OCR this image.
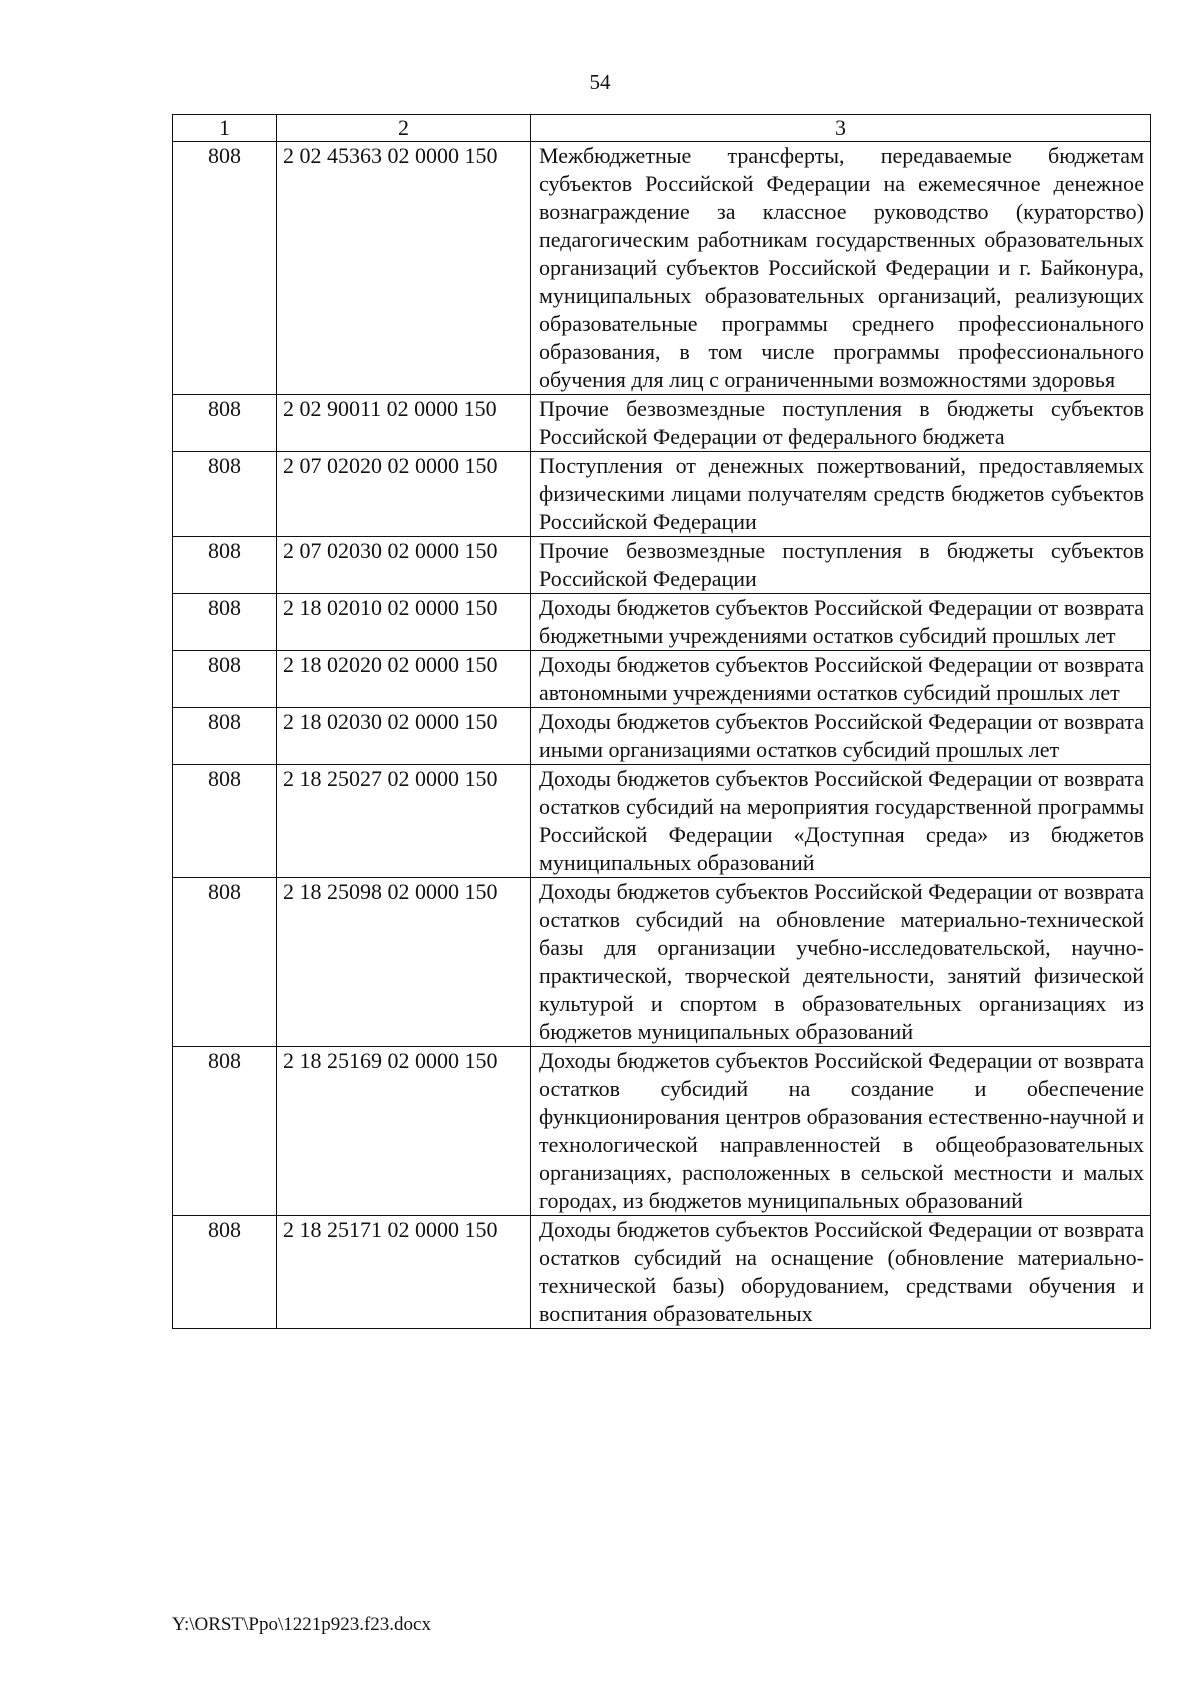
54
1	2	3
808	2 02 45363 02 0000 150	Межбюджетные трансферты, передаваемые бюджетам субъектов Российской Федерации на ежемесячное денежное вознаграждение за классное руководство (кураторство) педагогическим работникам государственных образовательных организаций субъектов Российской Федерации и г. Байконура, муниципальных образовательных организаций, реализующих образовательные программы среднего профессионального образования, в том числе программы профессионального обучения для лиц с ограниченными возможностями здоровья
808	2 02 90011 02 0000 150	Прочие безвозмездные поступления в бюджеты субъектов Российской Федерации от федерального бюджета
808	2 07 02020 02 0000 150	Поступления от денежных пожертвований, предоставляемых физическими лицами получателям средств бюджетов субъектов Российской Федерации
808	2 07 02030 02 0000 150	Прочие безвозмездные поступления в бюджеты субъектов Российской Федерации
808	2 18 02010 02 0000 150	Доходы бюджетов субъектов Российской Федерации от возврата бюджетными учреждениями остатков субсидий прошлых лет
808	2 18 02020 02 0000 150	Доходы бюджетов субъектов Российской Федерации от возврата автономными учреждениями остатков субсидий прошлых лет
808	2 18 02030 02 0000 150	Доходы бюджетов субъектов Российской Федерации от возврата иными организациями остатков субсидий прошлых лет
808	2 18 25027 02 0000 150	Доходы бюджетов субъектов Российской Федерации от возврата остатков субсидий на мероприятия государственной программы Российской Федерации «Доступная среда» из бюджетов муниципальных образований
808	2 18 25098 02 0000 150	Доходы бюджетов субъектов Российской Федерации от возврата остатков субсидий на обновление материально-технической базы для организации учебно-исследовательской, научно-практической, творческой деятельности, занятий физической культурой и спортом в образовательных организациях из бюджетов муниципальных образований
808	2 18 25169 02 0000 150	Доходы бюджетов субъектов Российской Федерации от возврата остатков субсидий на создание и обеспечение функционирования центров образования естественно-научной и технологической направленностей в общеобразовательных организациях, расположенных в сельской местности и малых городах, из бюджетов муниципальных образований
808	2 18 25171 02 0000 150	Доходы бюджетов субъектов Российской Федерации от возврата остатков субсидий на оснащение (обновление материально-технической базы) оборудованием, средствами обучения и воспитания образовательных
Y:\ORST\Ppo\1221p923.f23.docx
